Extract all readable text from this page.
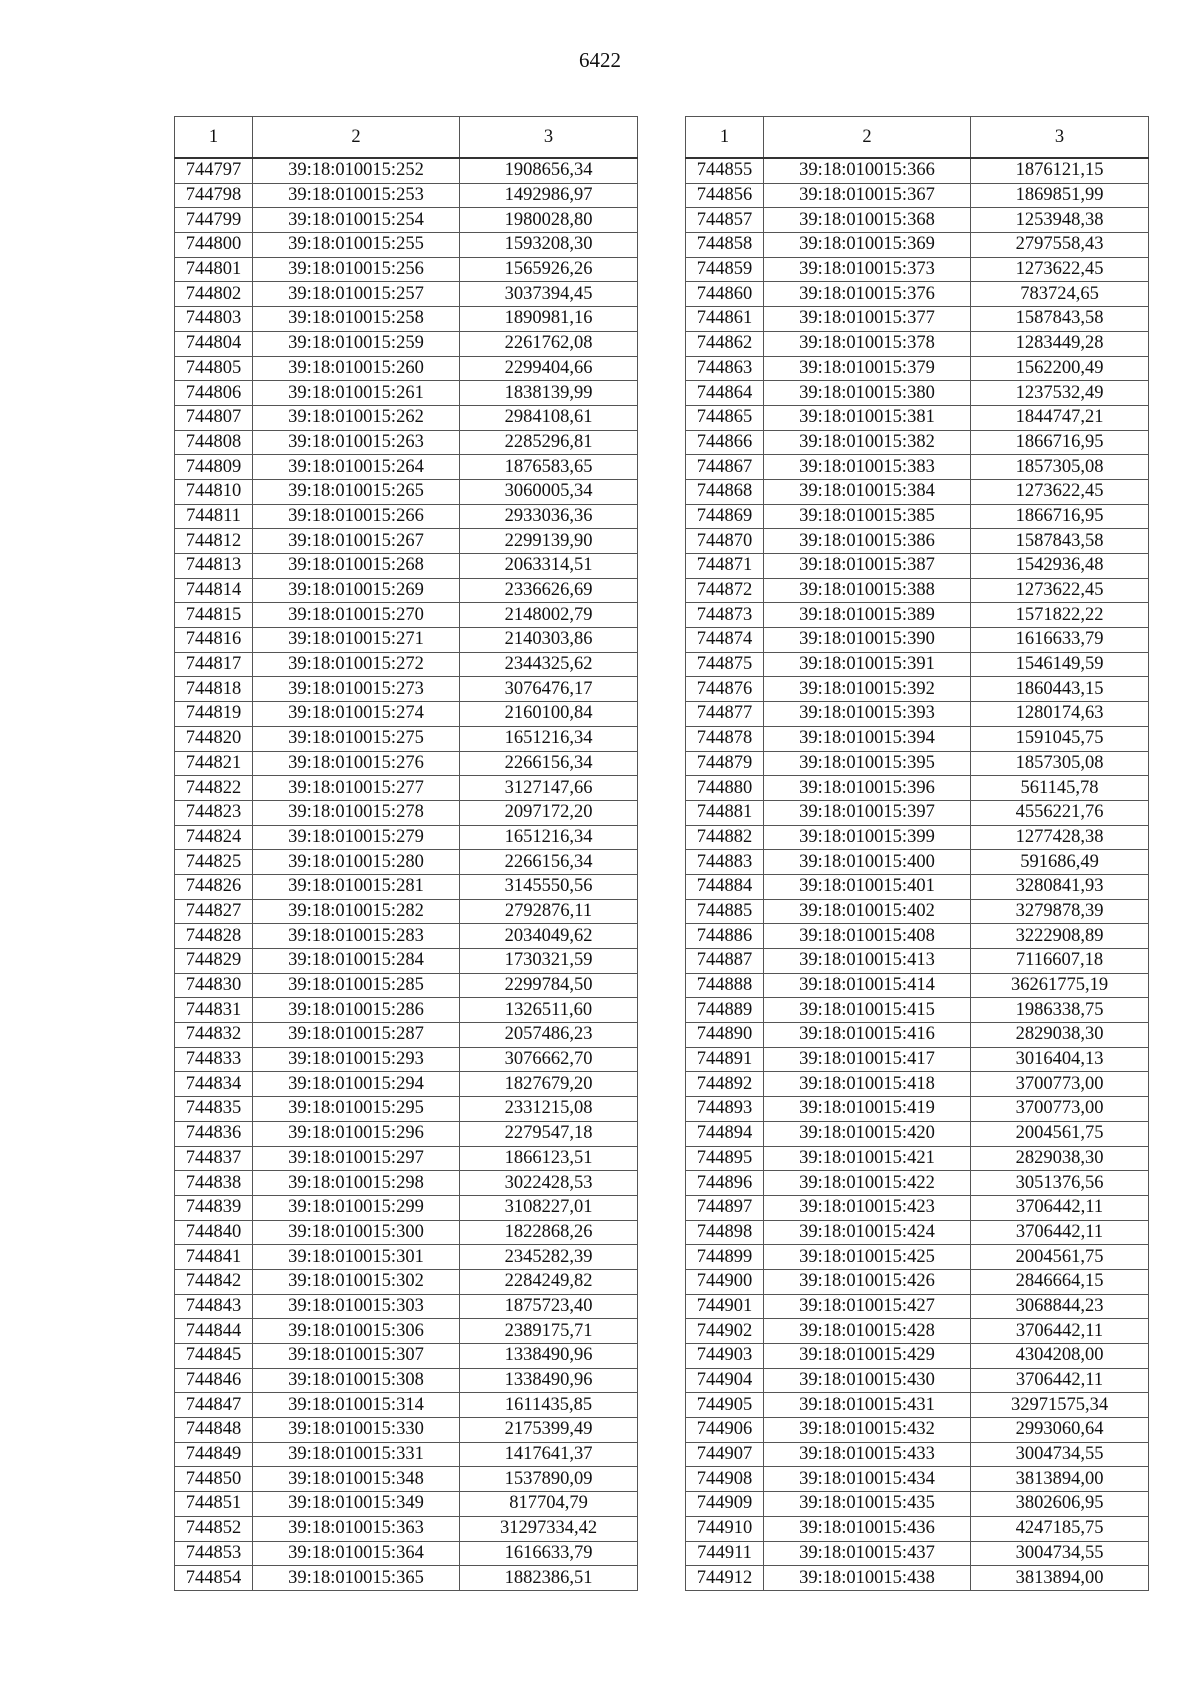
6422
1	2	3
744797	39:18:010015:252	1908656,34
744798	39:18:010015:253	1492986,97
744799	39:18:010015:254	1980028,80
744800	39:18:010015:255	1593208,30
744801	39:18:010015:256	1565926,26
744802	39:18:010015:257	3037394,45
744803	39:18:010015:258	1890981,16
744804	39:18:010015:259	2261762,08
744805	39:18:010015:260	2299404,66
744806	39:18:010015:261	1838139,99
744807	39:18:010015:262	2984108,61
744808	39:18:010015:263	2285296,81
744809	39:18:010015:264	1876583,65
744810	39:18:010015:265	3060005,34
744811	39:18:010015:266	2933036,36
744812	39:18:010015:267	2299139,90
744813	39:18:010015:268	2063314,51
744814	39:18:010015:269	2336626,69
744815	39:18:010015:270	2148002,79
744816	39:18:010015:271	2140303,86
744817	39:18:010015:272	2344325,62
744818	39:18:010015:273	3076476,17
744819	39:18:010015:274	2160100,84
744820	39:18:010015:275	1651216,34
744821	39:18:010015:276	2266156,34
744822	39:18:010015:277	3127147,66
744823	39:18:010015:278	2097172,20
744824	39:18:010015:279	1651216,34
744825	39:18:010015:280	2266156,34
744826	39:18:010015:281	3145550,56
744827	39:18:010015:282	2792876,11
744828	39:18:010015:283	2034049,62
744829	39:18:010015:284	1730321,59
744830	39:18:010015:285	2299784,50
744831	39:18:010015:286	1326511,60
744832	39:18:010015:287	2057486,23
744833	39:18:010015:293	3076662,70
744834	39:18:010015:294	1827679,20
744835	39:18:010015:295	2331215,08
744836	39:18:010015:296	2279547,18
744837	39:18:010015:297	1866123,51
744838	39:18:010015:298	3022428,53
744839	39:18:010015:299	3108227,01
744840	39:18:010015:300	1822868,26
744841	39:18:010015:301	2345282,39
744842	39:18:010015:302	2284249,82
744843	39:18:010015:303	1875723,40
744844	39:18:010015:306	2389175,71
744845	39:18:010015:307	1338490,96
744846	39:18:010015:308	1338490,96
744847	39:18:010015:314	1611435,85
744848	39:18:010015:330	2175399,49
744849	39:18:010015:331	1417641,37
744850	39:18:010015:348	1537890,09
744851	39:18:010015:349	817704,79
744852	39:18:010015:363	31297334,42
744853	39:18:010015:364	1616633,79
744854	39:18:010015:365	1882386,51
1	2	3
744855	39:18:010015:366	1876121,15
744856	39:18:010015:367	1869851,99
744857	39:18:010015:368	1253948,38
744858	39:18:010015:369	2797558,43
744859	39:18:010015:373	1273622,45
744860	39:18:010015:376	783724,65
744861	39:18:010015:377	1587843,58
744862	39:18:010015:378	1283449,28
744863	39:18:010015:379	1562200,49
744864	39:18:010015:380	1237532,49
744865	39:18:010015:381	1844747,21
744866	39:18:010015:382	1866716,95
744867	39:18:010015:383	1857305,08
744868	39:18:010015:384	1273622,45
744869	39:18:010015:385	1866716,95
744870	39:18:010015:386	1587843,58
744871	39:18:010015:387	1542936,48
744872	39:18:010015:388	1273622,45
744873	39:18:010015:389	1571822,22
744874	39:18:010015:390	1616633,79
744875	39:18:010015:391	1546149,59
744876	39:18:010015:392	1860443,15
744877	39:18:010015:393	1280174,63
744878	39:18:010015:394	1591045,75
744879	39:18:010015:395	1857305,08
744880	39:18:010015:396	561145,78
744881	39:18:010015:397	4556221,76
744882	39:18:010015:399	1277428,38
744883	39:18:010015:400	591686,49
744884	39:18:010015:401	3280841,93
744885	39:18:010015:402	3279878,39
744886	39:18:010015:408	3222908,89
744887	39:18:010015:413	7116607,18
744888	39:18:010015:414	36261775,19
744889	39:18:010015:415	1986338,75
744890	39:18:010015:416	2829038,30
744891	39:18:010015:417	3016404,13
744892	39:18:010015:418	3700773,00
744893	39:18:010015:419	3700773,00
744894	39:18:010015:420	2004561,75
744895	39:18:010015:421	2829038,30
744896	39:18:010015:422	3051376,56
744897	39:18:010015:423	3706442,11
744898	39:18:010015:424	3706442,11
744899	39:18:010015:425	2004561,75
744900	39:18:010015:426	2846664,15
744901	39:18:010015:427	3068844,23
744902	39:18:010015:428	3706442,11
744903	39:18:010015:429	4304208,00
744904	39:18:010015:430	3706442,11
744905	39:18:010015:431	32971575,34
744906	39:18:010015:432	2993060,64
744907	39:18:010015:433	3004734,55
744908	39:18:010015:434	3813894,00
744909	39:18:010015:435	3802606,95
744910	39:18:010015:436	4247185,75
744911	39:18:010015:437	3004734,55
744912	39:18:010015:438	3813894,00
